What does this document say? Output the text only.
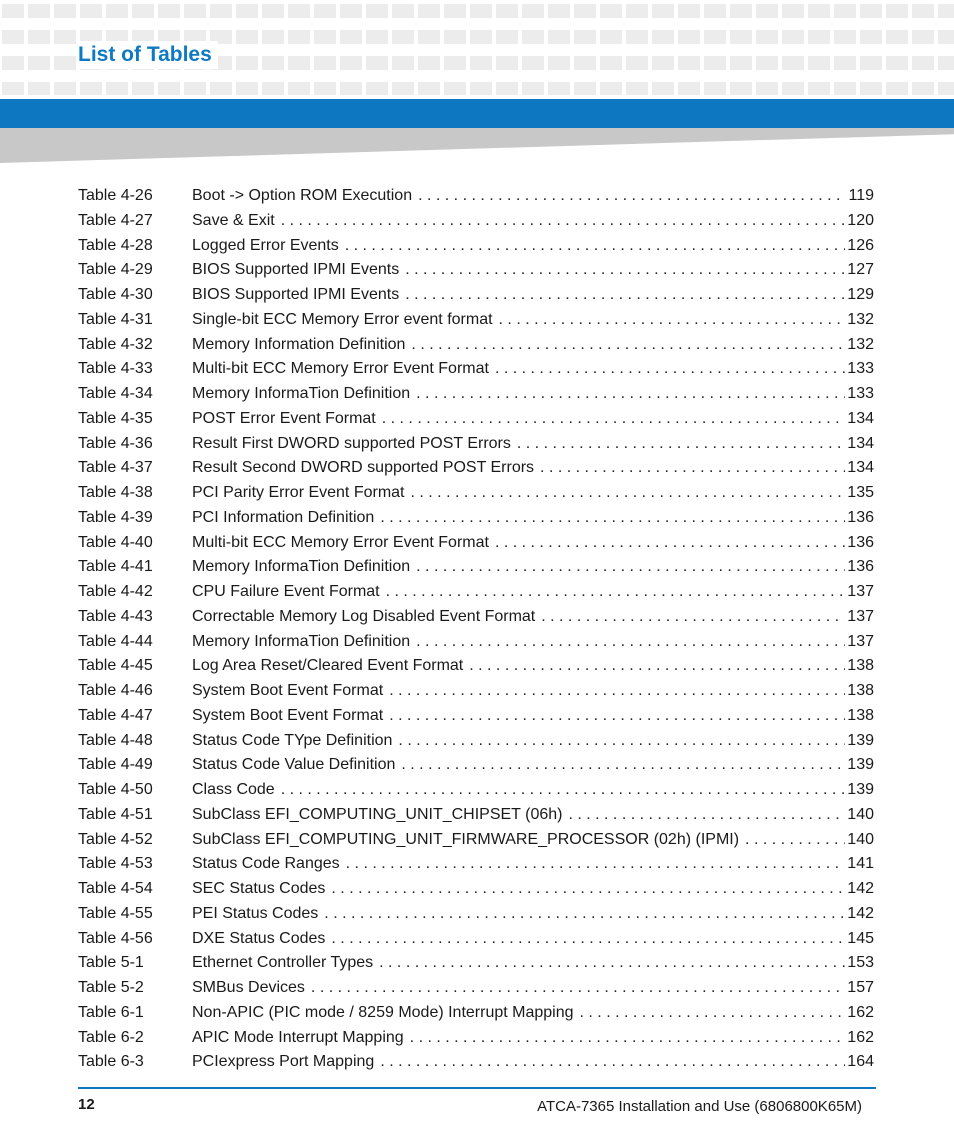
List of Tables
Table 4-26	Boot -> Option ROM Execution . . .	119
Table 4-27	Save & Exit . . .	120
Table 4-28	Logged Error Events . . .	126
Table 4-29	BIOS Supported IPMI Events . . .	127
Table 4-30	BIOS Supported IPMI Events . . .	129
Table 4-31	Single-bit ECC Memory Error event format . . .	132
Table 4-32	Memory Information Definition . . .	132
Table 4-33	Multi-bit ECC Memory Error Event Format . . .	133
Table 4-34	Memory InformaTion Definition . . .	133
Table 4-35	POST Error Event Format . . .	134
Table 4-36	Result First DWORD supported POST Errors . . .	134
Table 4-37	Result Second DWORD supported POST Errors . . .	134
Table 4-38	PCI Parity Error Event Format . . .	135
Table 4-39	PCI Information Definition . . .	136
Table 4-40	Multi-bit ECC Memory Error Event Format . . .	136
Table 4-41	Memory InformaTion Definition . . .	136
Table 4-42	CPU Failure Event Format . . .	137
Table 4-43	Correctable Memory Log Disabled Event Format . . .	137
Table 4-44	Memory InformaTion Definition . . .	137
Table 4-45	Log Area Reset/Cleared Event Format . . .	138
Table 4-46	System Boot Event Format . . .	138
Table 4-47	System Boot Event Format . . .	138
Table 4-48	Status Code TYpe Definition . . .	139
Table 4-49	Status Code Value Definition . . .	139
Table 4-50	Class Code . . .	139
Table 4-51	SubClass EFI_COMPUTING_UNIT_CHIPSET (06h) . . .	140
Table 4-52	SubClass EFI_COMPUTING_UNIT_FIRMWARE_PROCESSOR (02h) (IPMI) . . .	140
Table 4-53	Status Code Ranges . . .	141
Table 4-54	SEC Status Codes . . .	142
Table 4-55	PEI Status Codes . . .	142
Table 4-56	DXE Status Codes . . .	145
Table 5-1	Ethernet Controller Types . . .	153
Table 5-2	SMBus Devices . . .	157
Table 6-1	Non-APIC (PIC mode / 8259 Mode) Interrupt Mapping . . .	162
Table 6-2	APIC Mode Interrupt Mapping . . .	162
Table 6-3	PCIexpress Port Mapping . . .	164
12	ATCA-7365 Installation and Use (6806800K65M)
